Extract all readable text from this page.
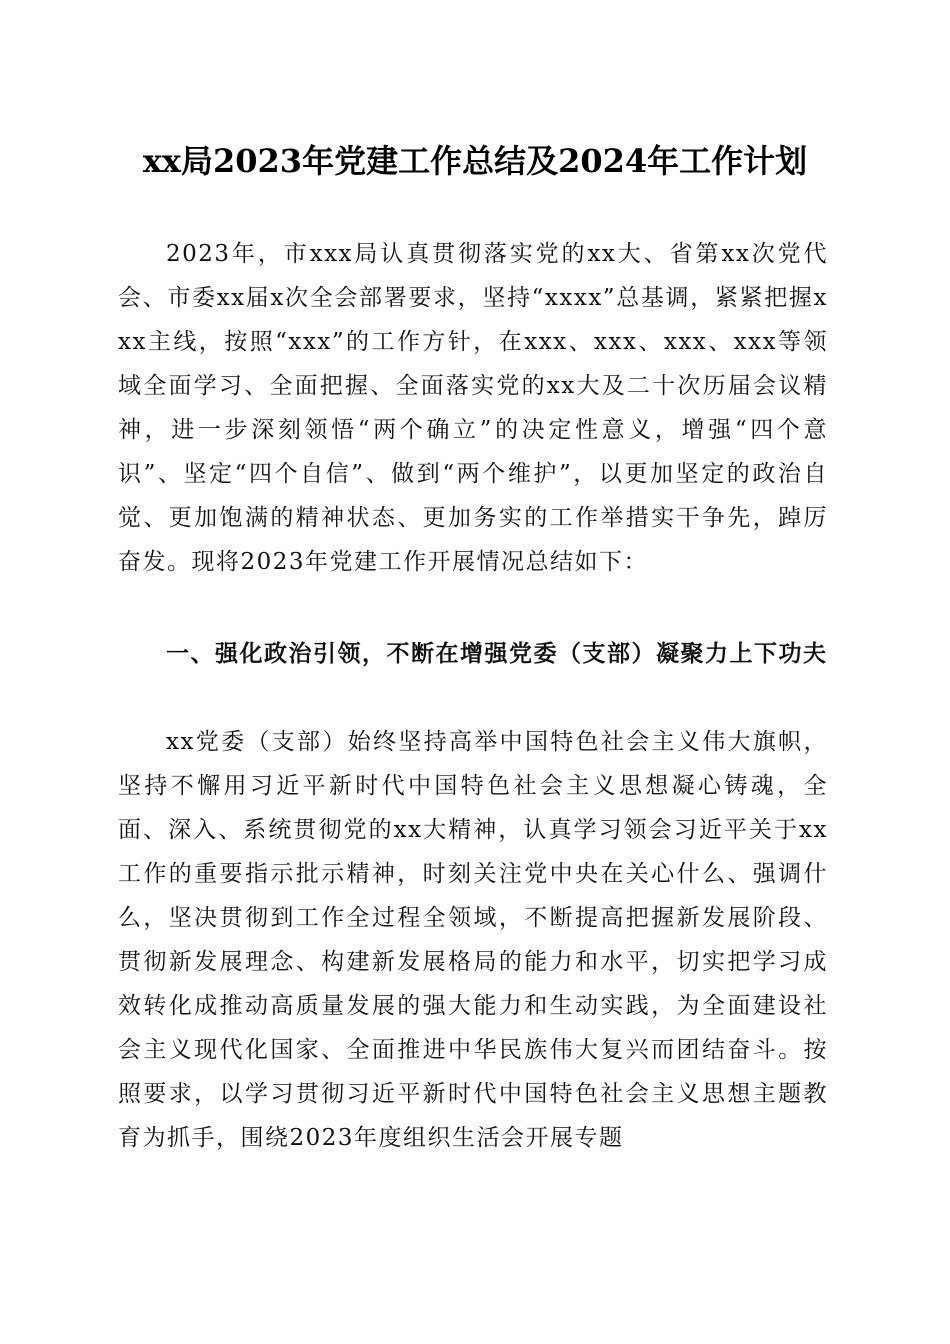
xx局2023年党建工作总结及2024年工作计划

2023年，市xxx局认真贯彻落实党的xx大、省第xx次党代会、市委xx届x次全会部署要求，坚持“xxxx”总基调，紧紧把握xxx主线，按照“xxx”的工作方针，在xxx、xxx、xxx、xxx等领域全面学习、全面把握、全面落实党的xx大及二十次历届会议精神，进一步深刻领悟“两个确立”的决定性意义，增强“四个意识”、坚定“四个自信”、做到“两个维护”，以更加坚定的政治自觉、更加饱满的精神状态、更加务实的工作举措实干争先，踔厉奋发。现将2023年党建工作开展情况总结如下：

一、强化政治引领，不断在增强党委（支部）凝聚力上下功夫

xx党委（支部）始终坚持高举中国特色社会主义伟大旗帜，坚持不懈用习近平新时代中国特色社会主义思想凝心铸魂，全面、深入、系统贯彻党的xx大精神，认真学习领会习近平关于xx工作的重要指示批示精神，时刻关注党中央在关心什么、强调什么，坚决贯彻到工作全过程全领域，不断提高把握新发展阶段、贯彻新发展理念、构建新发展格局的能力和水平，切实把学习成效转化成推动高质量发展的强大能力和生动实践，为全面建设社会主义现代化国家、全面推进中华民族伟大复兴而团结奋斗。按照要求，以学习贯彻习近平新时代中国特色社会主义思想主题教育为抓手，围绕2023年度组织生活会开展专题
